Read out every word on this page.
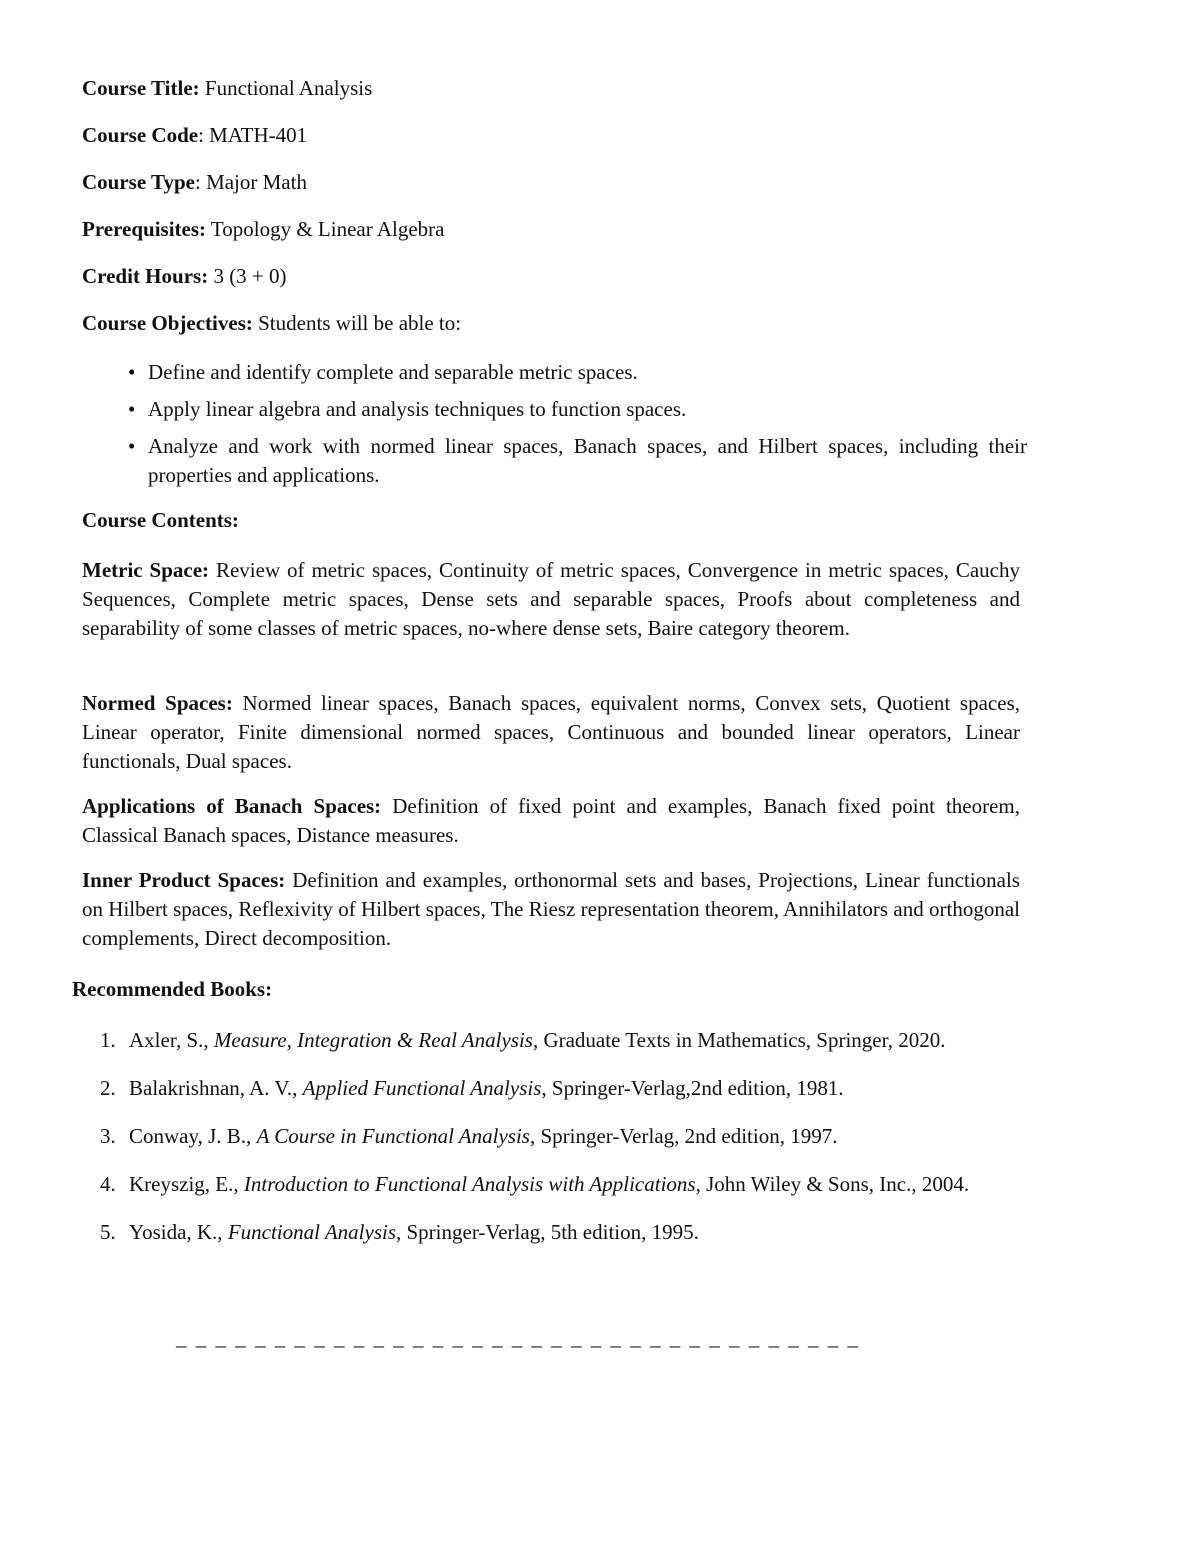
Course Title: Functional Analysis
Course Code: MATH-401
Course Type: Major Math
Prerequisites: Topology & Linear Algebra
Credit Hours: 3 (3 + 0)
Course Objectives: Students will be able to:
• Define and identify complete and separable metric spaces.
• Apply linear algebra and analysis techniques to function spaces.
• Analyze and work with normed linear spaces, Banach spaces, and Hilbert spaces, including their properties and applications.
Course Contents:
Metric Space: Review of metric spaces, Continuity of metric spaces, Convergence in metric spaces, Cauchy Sequences, Complete metric spaces, Dense sets and separable spaces, Proofs about completeness and separability of some classes of metric spaces, no-where dense sets, Baire category theorem.
Normed Spaces: Normed linear spaces, Banach spaces, equivalent norms, Convex sets, Quotient spaces, Linear operator, Finite dimensional normed spaces, Continuous and bounded linear operators, Linear functionals, Dual spaces.
Applications of Banach Spaces: Definition of fixed point and examples, Banach fixed point theorem, Classical Banach spaces, Distance measures.
Inner Product Spaces: Definition and examples, orthonormal sets and bases, Projections, Linear functionals on Hilbert spaces, Reflexivity of Hilbert spaces, The Riesz representation theorem, Annihilators and orthogonal complements, Direct decomposition.
Recommended Books:
1. Axler, S., Measure, Integration & Real Analysis, Graduate Texts in Mathematics, Springer, 2020.
2. Balakrishnan, A. V., Applied Functional Analysis, Springer-Verlag,2nd edition, 1981.
3. Conway, J. B., A Course in Functional Analysis, Springer-Verlag, 2nd edition, 1997.
4. Kreyszig, E., Introduction to Functional Analysis with Applications, John Wiley & Sons, Inc., 2004.
5. Yosida, K., Functional Analysis, Springer-Verlag, 5th edition, 1995.
_ _ _ _ _ _ _ _ _ _ _ _ _ _ _ _ _ _ _ _ _ _ _ _ _ _ _ _ _ _ _ _ _ _ _
